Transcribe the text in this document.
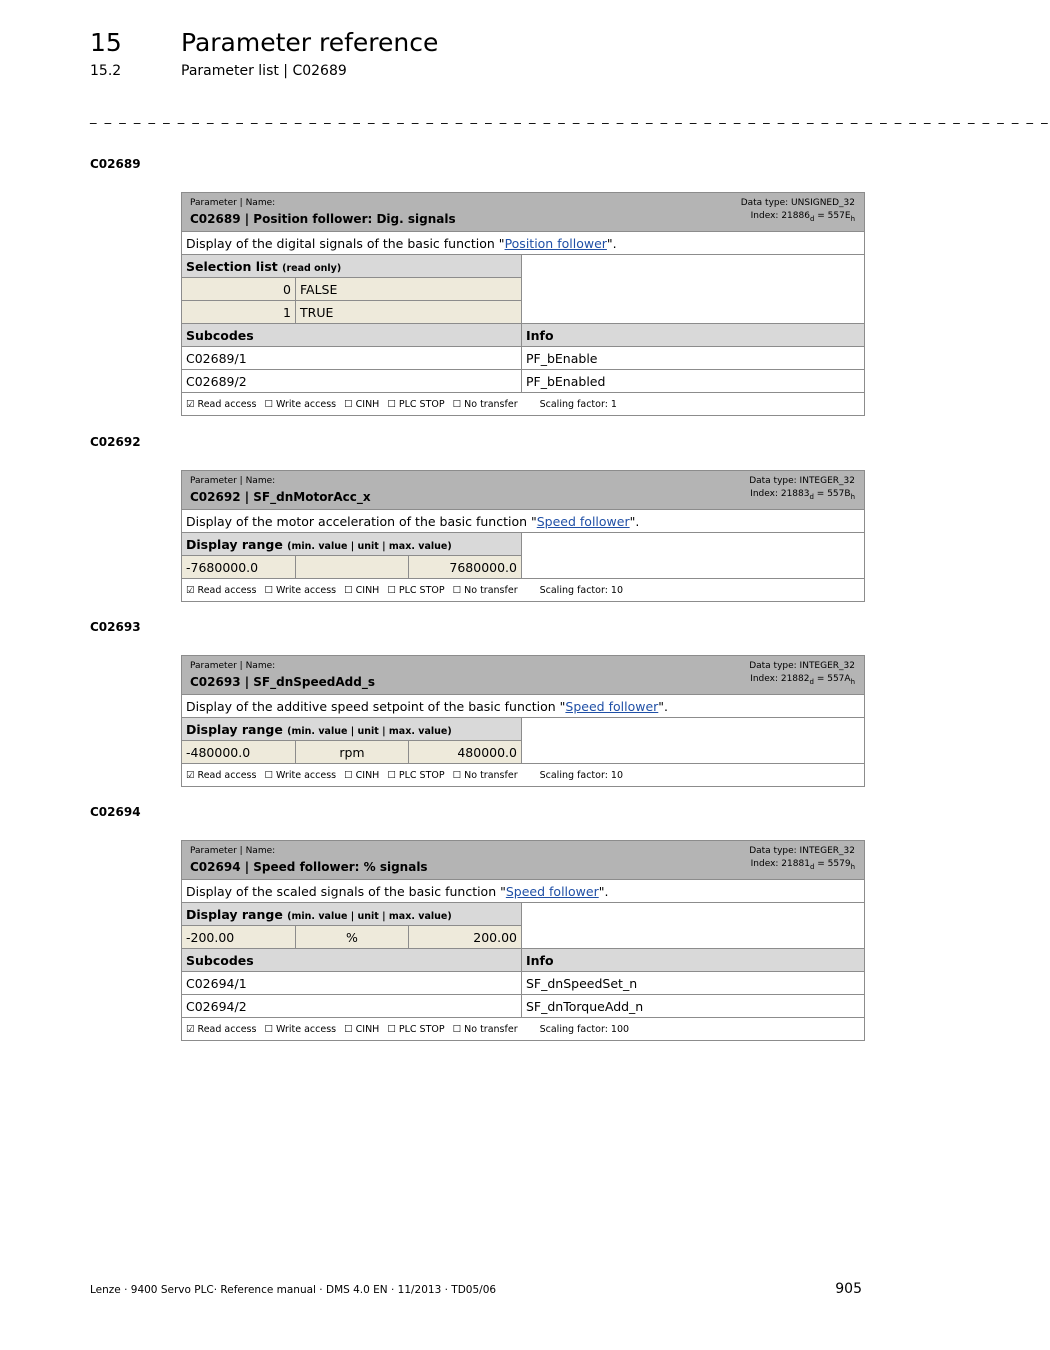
15 Parameter reference
15.2	Parameter list | C02689
_ _ _ _ _ _ _ _ _ _ _ _ _ _ _ _ _ _ _ _ _ _ _ _ _ _ _ _ _ _ _ _ _ _ _ _ _ _ _ _ _ _ _ _ _ _ _ _ _ _ _ _ _ _ _ _ _ _ _ _ _ _ _ _ _ _
C02689
Parameter | Name:
C02689 | Position follower: Dig. signals
Data type: UNSIGNED_32
Index: $21886_d = 557E_h$

Display of the digital signals of the basic function "Position follower".		
Selection list (read only)		
0	FALSE	
1	TRUE	
Subcodes		Info
C02689/1		PF_bEnable
C02689/2		PF_bEnabled
☑ Read access ☐ Write access ☐ CINH ☐ PLC STOP ☐ No transfer Scaling factor: 1		
C02692
Parameter | Name:
C02692 | SF_dnMotorAcc_x
Data type: INTEGER_32
Index: $21883_d = 557B_h$

Display of the motor acceleration of the basic function "Speed follower".			
Display range (min. value | unit | max. value)			
-7680000.0		7680000.0	
☑ Read access ☐ Write access ☐ CINH ☐ PLC STOP ☐ No transfer Scaling factor: 10			
C02693
Parameter | Name:
C02693 | SF_dnSpeedAdd_s
Data type: INTEGER_32
Index: $21882_d = 557A_h$

Display of the additive speed setpoint of the basic function "Speed follower".			
Display range (min. value | unit | max. value)			
-480000.0	rpm	480000.0	
☑ Read access ☐ Write access ☐ CINH ☐ PLC STOP ☐ No transfer Scaling factor: 10			
C02694
Parameter | Name:
C02694 | Speed follower: % signals
Data type: INTEGER_32
Index: $21881_d = 5579_h$

Display of the scaled signals of the basic function "Speed follower".			
Display range (min. value | unit | max. value)			
-200.00	%	200.00	
Subcodes			Info
C02694/1			SF_dnSpeedSet_n
C02694/2			SF_dnTorqueAdd_n
☑ Read access ☐ Write access ☐ CINH ☐ PLC STOP ☐ No transfer Scaling factor: 100			
Lenze · 9400 Servo PLC· Reference manual · DMS 4.0 EN · 11/2013 · TD05/06	905
